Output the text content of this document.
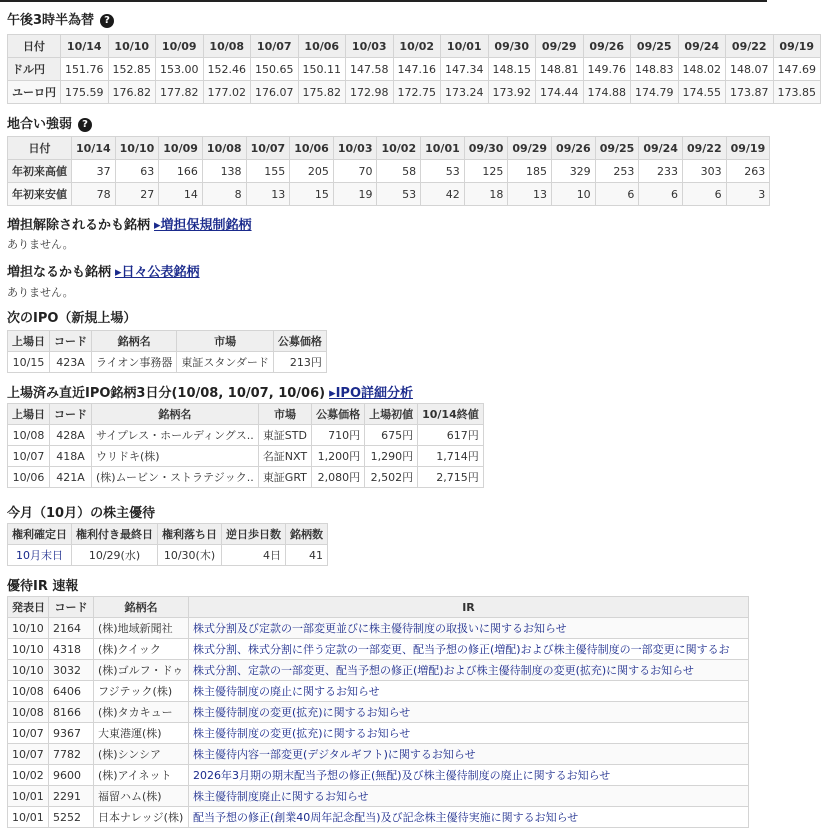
午後3時半為替 ?
日付	10/14	10/10	10/09	10/08	10/07	10/06	10/03	10/02	10/01	09/30	09/29	09/26	09/25	09/24	09/22	09/19
ドル円	151.76	152.85	153.00	152.46	150.65	150.11	147.58	147.16	147.34	148.15	148.81	149.76	148.83	148.02	148.07	147.69
ユーロ円	175.59	176.82	177.82	177.02	176.07	175.82	172.98	172.75	173.24	173.92	174.44	174.88	174.79	174.55	173.87	173.85
地合い強弱 ?
日付	10/14	10/10	10/09	10/08	10/07	10/06	10/03	10/02	10/01	09/30	09/29	09/26	09/25	09/24	09/22	09/19
年初来高値	37	63	166	138	155	205	70	58	53	125	185	329	253	233	303	263
年初来安値	78	27	14	8	13	15	19	53	42	18	13	10	6	6	6	3
増担解除されるかも銘柄 ▸増担保規制銘柄
ありません。
増担なるかも銘柄 ▸日々公表銘柄
ありません。
次のIPO（新規上場）
上場日	コード	銘柄名	市場	公募価格
10/15	423A	ライオン事務器	東証スタンダード	213円
上場済み直近IPO銘柄3日分(10/08, 10/07, 10/06) ▸IPO詳細分析
上場日	コード	銘柄名	市場	公募価格	上場初値	10/14終値
10/08	428A	サイプレス・ホールディングス..	東証STD	710円	675円	617円
10/07	418A	ウリドキ(株)	名証NXT	1,200円	1,290円	1,714円
10/06	421A	(株)ムービン・ストラテジック..	東証GRT	2,080円	2,502円	2,715円
今月（10月）の株主優待
権利確定日	権利付き最終日	権利落ち日	逆日歩日数	銘柄数
10月末日	10/29(水)	10/30(木)	4日	41
優待IR 速報
発表日	コード	銘柄名	IR
10/10	2164	(株)地域新聞社	株式分割及び定款の一部変更並びに株主優待制度の取扱いに関するお知らせ
10/10	4318	(株)クイック	株式分割、株式分割に伴う定款の一部変更、配当予想の修正(増配)および株主優待制度の一部変更に関するお
10/10	3032	(株)ゴルフ・ドゥ	株式分割、定款の一部変更、配当予想の修正(増配)および株主優待制度の変更(拡充)に関するお知らせ
10/08	6406	フジテック(株)	株主優待制度の廃止に関するお知らせ
10/08	8166	(株)タカキュー	株主優待制度の変更(拡充)に関するお知らせ
10/07	9367	大東港運(株)	株主優待制度の変更(拡充)に関するお知らせ
10/07	7782	(株)シンシア	株主優待内容一部変更(デジタルギフト)に関するお知らせ
10/02	9600	(株)アイネット	2026年3月期の期末配当予想の修正(無配)及び株主優待制度の廃止に関するお知らせ
10/01	2291	福留ハム(株)	株主優待制度廃止に関するお知らせ
10/01	5252	日本ナレッジ(株)	配当予想の修正(創業40周年記念配当)及び記念株主優待実施に関するお知らせ
